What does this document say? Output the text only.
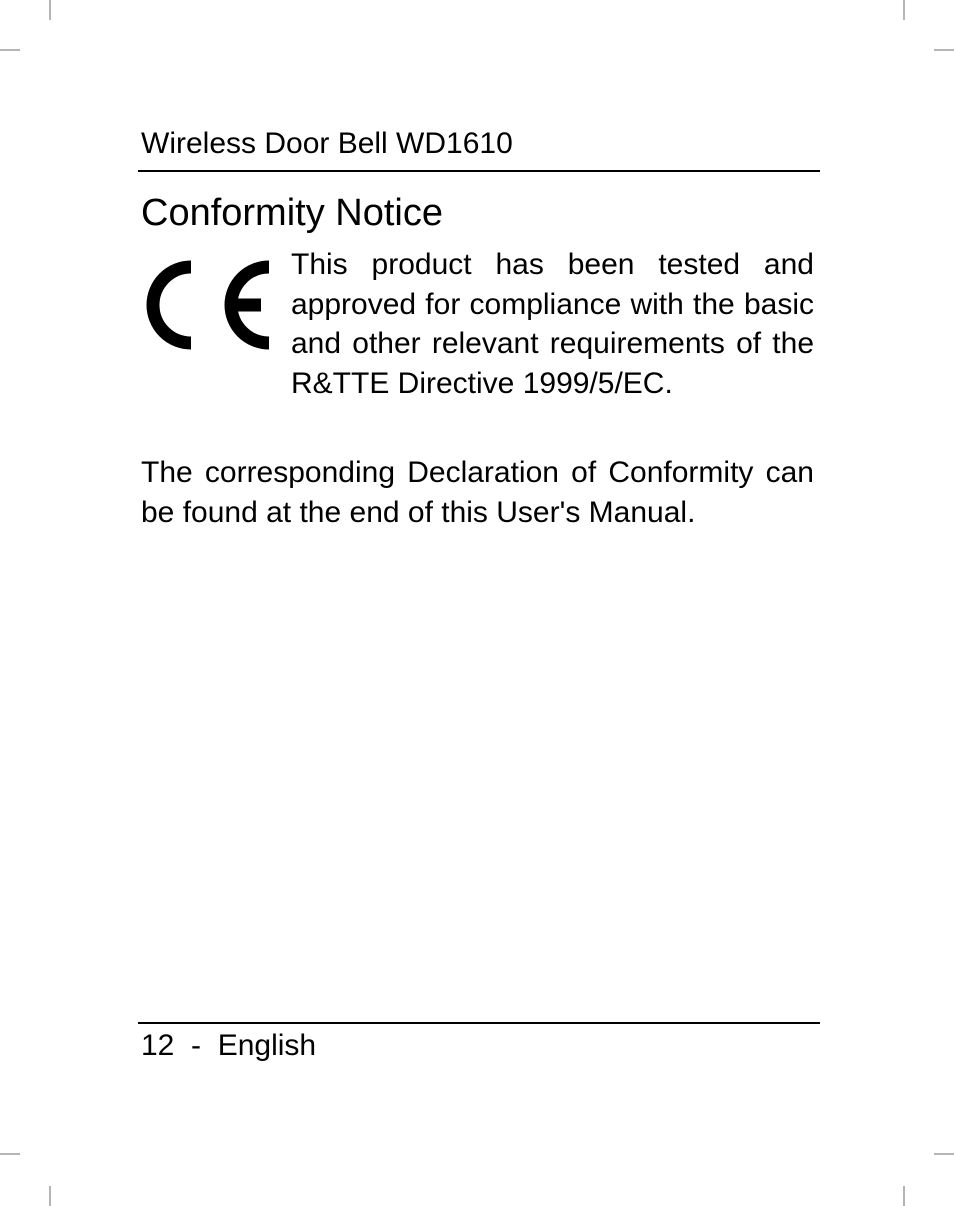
Wireless Door Bell WD1610
Conformity Notice
This product has been tested and approved for compliance with the basic and other relevant requirements of the R&TTE Directive 1999/5/EC.
The corresponding Declaration of Conformity can be found at the end of this User's Manual.
12 - English
